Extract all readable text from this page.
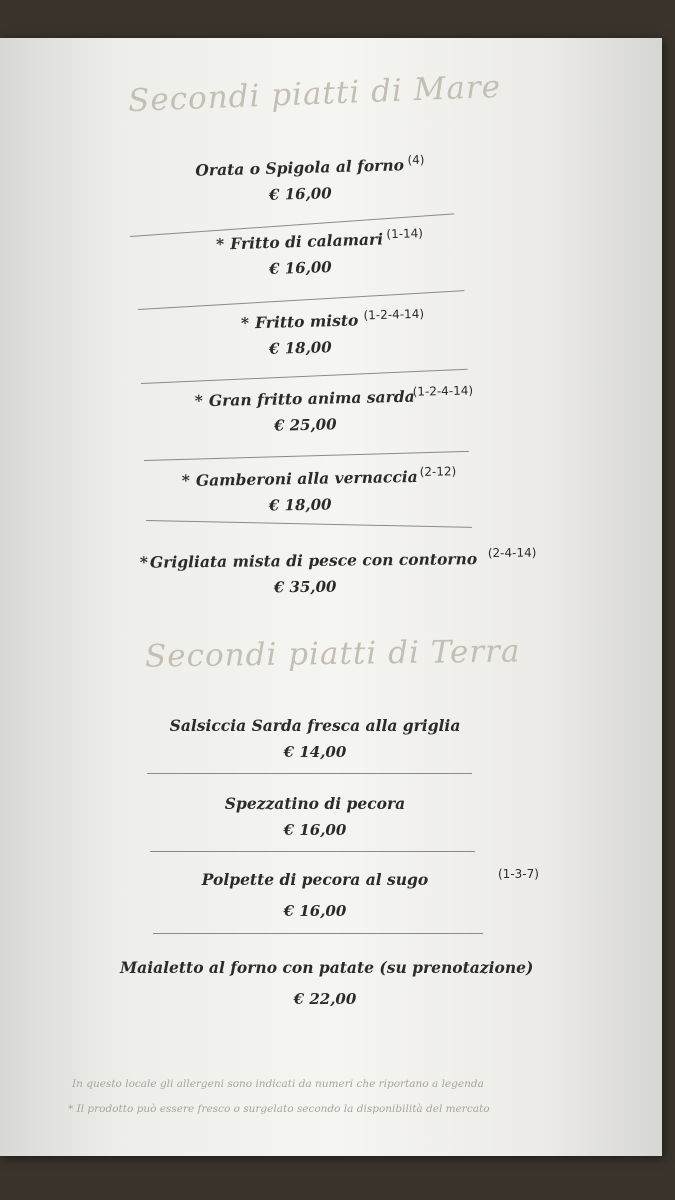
Secondi piatti di Mare
Orata o Spigola al forno (4)
€ 16,00
* Fritto di calamari (1-14)
€ 16,00
* Fritto misto (1-2-4-14)
€ 18,00
* Gran fritto anima sarda
(1-2-4-14)
€ 25,00
* Gamberoni alla vernaccia (2-12)
€ 18,00
* Grigliata mista di pesce con contorno (2-4-14)
€ 35,00
Secondi piatti di Terra
Salsiccia Sarda fresca alla griglia
€ 14,00
Spezzatino di pecora
€ 16,00
Polpette di pecora al sugo	(1-3-7)
€ 16,00
Maialetto al forno con patate (su prenotazione)
€ 22,00
In questo locale gli allergeni sono indicati da numeri che riportano a legenda
* Il prodotto può essere fresco o surgelato secondo la disponibilità del mercato
